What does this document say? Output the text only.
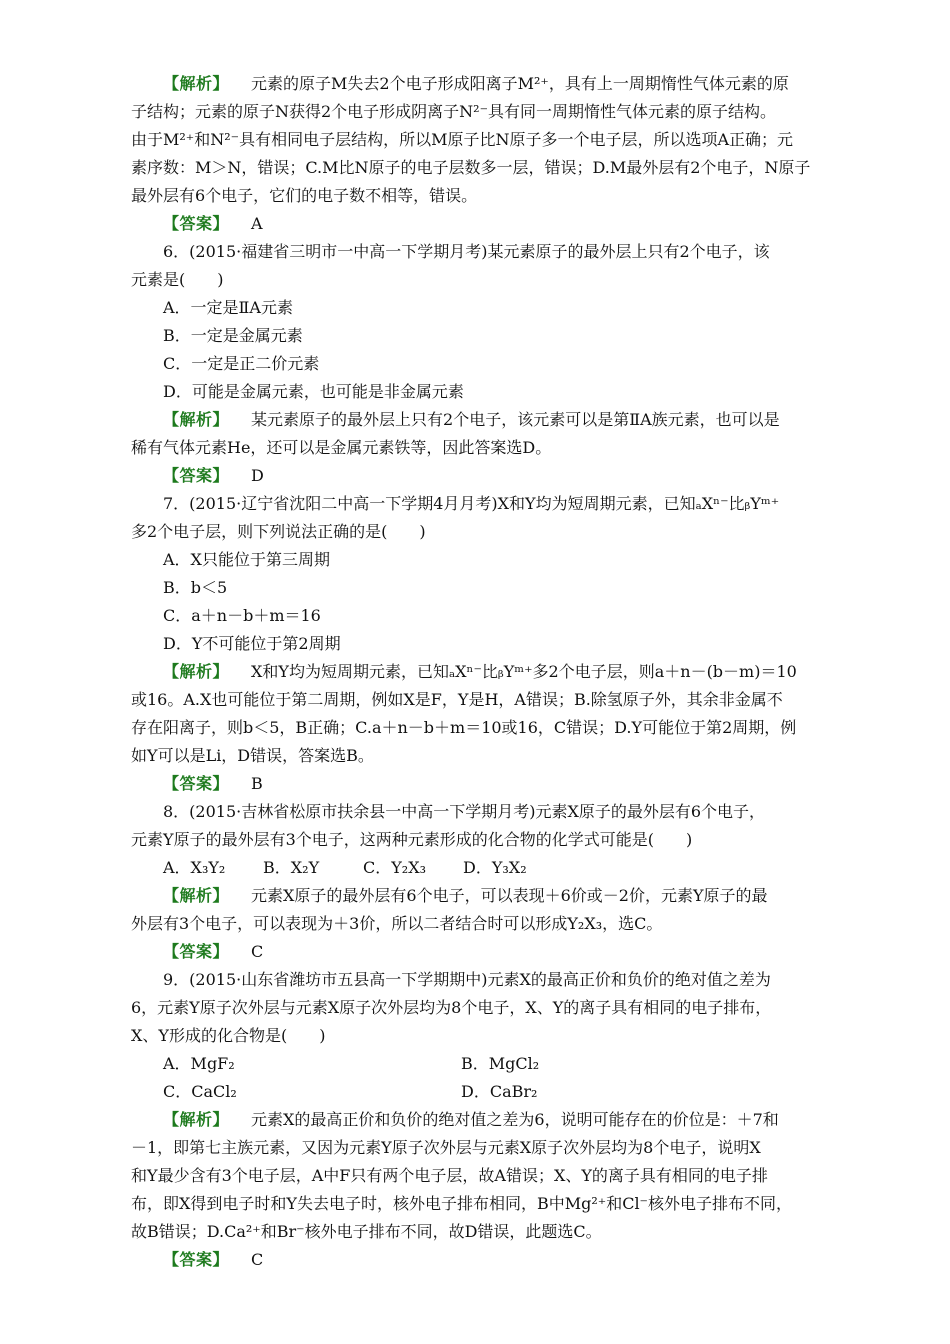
【解析】 元素的原子M失去2个电子形成阳离子M²⁺，具有上一周期惰性气体元素的原
子结构；元素的原子N获得2个电子形成阴离子N²⁻具有同一周期惰性气体元素的原子结构。
由于M²⁺和N²⁻具有相同电子层结构，所以M原子比N原子多一个电子层，所以选项A正确；元
素序数：M＞N，错误；C.M比N原子的电子层数多一层，错误；D.M最外层有2个电子，N原子
最外层有6个电子，它们的电子数不相等，错误。
【答案】 A
6．(2015·福建省三明市一中高一下学期月考)某元素原子的最外层上只有2个电子，该
元素是(　　)
A．一定是ⅡA元素
B．一定是金属元素
C．一定是正二价元素
D．可能是金属元素，也可能是非金属元素
【解析】 某元素原子的最外层上只有2个电子，该元素可以是第ⅡA族元素，也可以是
稀有气体元素He，还可以是金属元素铁等，因此答案选D。
【答案】 D
7．(2015·辽宁省沈阳二中高一下学期4月月考)X和Y均为短周期元素，已知ₐXⁿ⁻比ᵦYᵐ⁺
多2个电子层，则下列说法正确的是(　　)
A．X只能位于第三周期
B．b＜5
C．a＋n－b＋m＝16
D．Y不可能位于第2周期
【解析】 X和Y均为短周期元素，已知ₐXⁿ⁻比ᵦYᵐ⁺多2个电子层，则a＋n－(b－m)＝10
或16。A.X也可能位于第二周期，例如X是F，Y是H，A错误；B.除氢原子外，其余非金属不
存在阳离子，则b＜5，B正确；C.a＋n－b＋m＝10或16，C错误；D.Y可能位于第2周期，例
如Y可以是Li，D错误，答案选B。
【答案】 B
8．(2015·吉林省松原市扶余县一中高一下学期月考)元素X原子的最外层有6个电子，
元素Y原子的最外层有3个电子，这两种元素形成的化合物的化学式可能是(　　)
A．X₃Y₂ B．X₂Y	C．Y₂X₃ D．Y₃X₂
【解析】 元素X原子的最外层有6个电子，可以表现＋6价或－2价，元素Y原子的最
外层有3个电子，可以表现为＋3价，所以二者结合时可以形成Y₂X₃，选C。
【答案】 C
9．(2015·山东省潍坊市五县高一下学期期中)元素X的最高正价和负价的绝对值之差为
6，元素Y原子次外层与元素X原子次外层均为8个电子，X、Y的离子具有相同的电子排布，
X、Y形成的化合物是(　　)
A．MgF₂	B．MgCl₂
C．CaCl₂	D．CaBr₂
【解析】 元素X的最高正价和负价的绝对值之差为6，说明可能存在的价位是：＋7和
－1，即第七主族元素，又因为元素Y原子次外层与元素X原子次外层均为8个电子，说明X
和Y最少含有3个电子层，A中F只有两个电子层，故A错误；X、Y的离子具有相同的电子排
布，即X得到电子时和Y失去电子时，核外电子排布相同，B中Mg²⁺和Cl⁻核外电子排布不同，
故B错误；D.Ca²⁺和Br⁻核外电子排布不同，故D错误，此题选C。
【答案】 C
